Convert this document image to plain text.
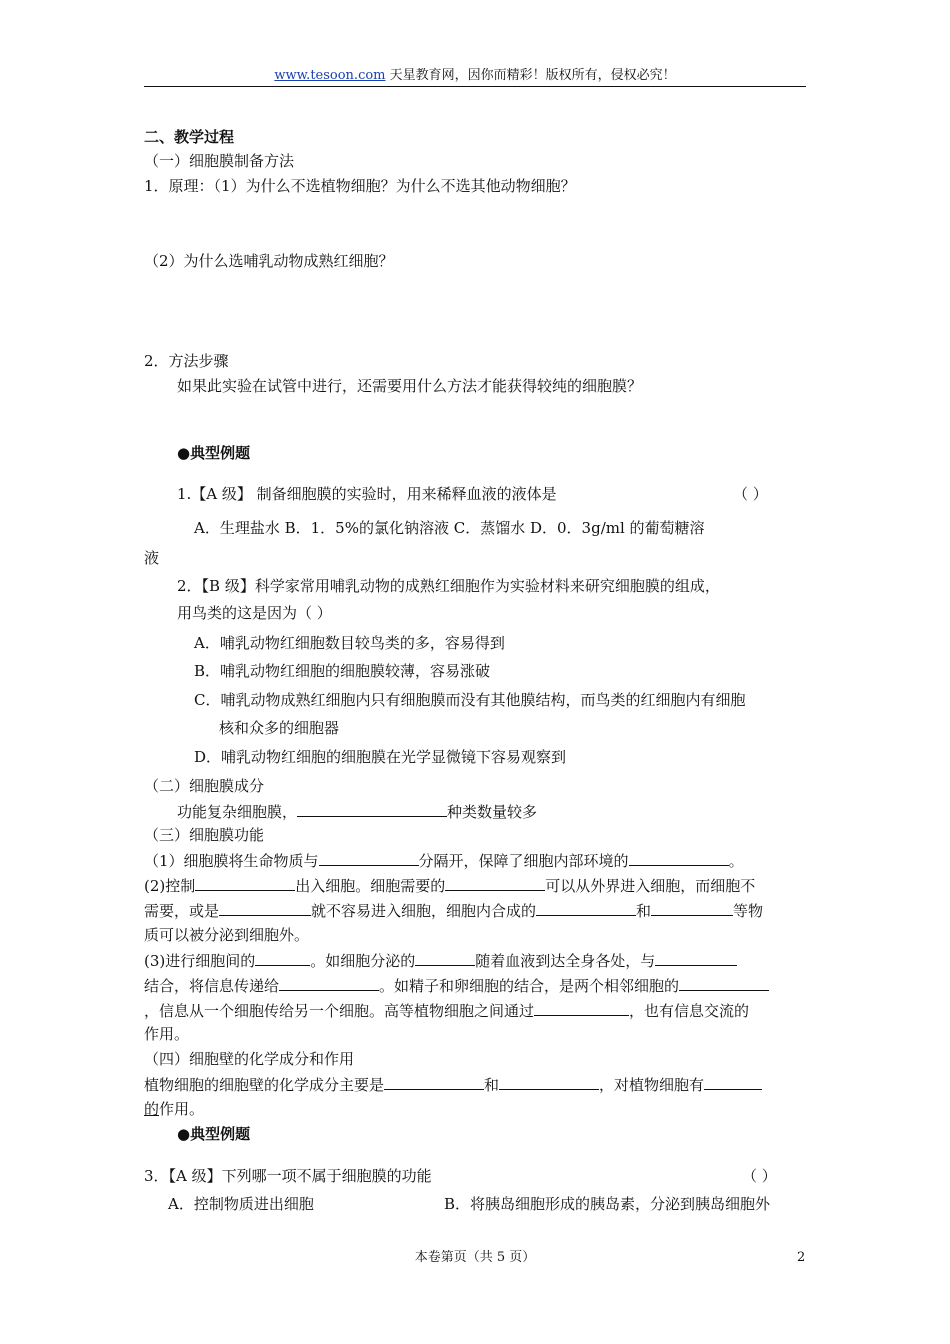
www.tesoon.com 天星教育网，因你而精彩！版权所有，侵权必究！
二、教学过程
（一）细胞膜制备方法
1．原理：（1）为什么不选植物细胞？为什么不选其他动物细胞？
（2）为什么选哺乳动物成熟红细胞？
2．方法步骤
如果此实验在试管中进行，还需要用什么方法才能获得较纯的细胞膜？
●典型例题
1.【A 级】 制备细胞膜的实验时，用来稀释血液的液体是	（ ）
A．生理盐水 B．1．5%的氯化钠溶液 C．蒸馏水 D．0．3g/ml 的葡萄糖溶
液
2．【B 级】科学家常用哺乳动物的成熟红细胞作为实验材料来研究细胞膜的组成，
用鸟类的这是因为（ ）
A．哺乳动物红细胞数目较鸟类的多，容易得到
B．哺乳动物红细胞的细胞膜较薄，容易涨破
C．哺乳动物成熟红细胞内只有细胞膜而没有其他膜结构，而鸟类的红细胞内有细胞
核和众多的细胞器
D．哺乳动物红细胞的细胞膜在光学显微镜下容易观察到
（二）细胞膜成分
功能复杂细胞膜，	种类数量较多
（三）细胞膜功能
（1）细胞膜将生命物质与	分隔开，保障了细胞内部环境的	。
(2)控制	出入细胞。细胞需要的	可以从外界进入细胞，而细胞不
需要，或是	就不容易进入细胞，细胞内合成的	和	等物
质可以被分泌到细胞外。
(3)进行细胞间的	。如细胞分泌的	随着血液到达全身各处，与
结合，将信息传递给	。如精子和卵细胞的结合，是两个相邻细胞的
，信息从一个细胞传给另一个细胞。高等植物细胞之间通过	，也有信息交流的
作用。
（四）细胞壁的化学成分和作用
植物细胞的细胞壁的化学成分主要是	和	，对植物细胞有
的作用。
●典型例题
3．【A 级】下列哪一项不属于细胞膜的功能	（ ）
A．控制物质进出细胞	B．将胰岛细胞形成的胰岛素，分泌到胰岛细胞外
本卷第页（共 5 页）	2
